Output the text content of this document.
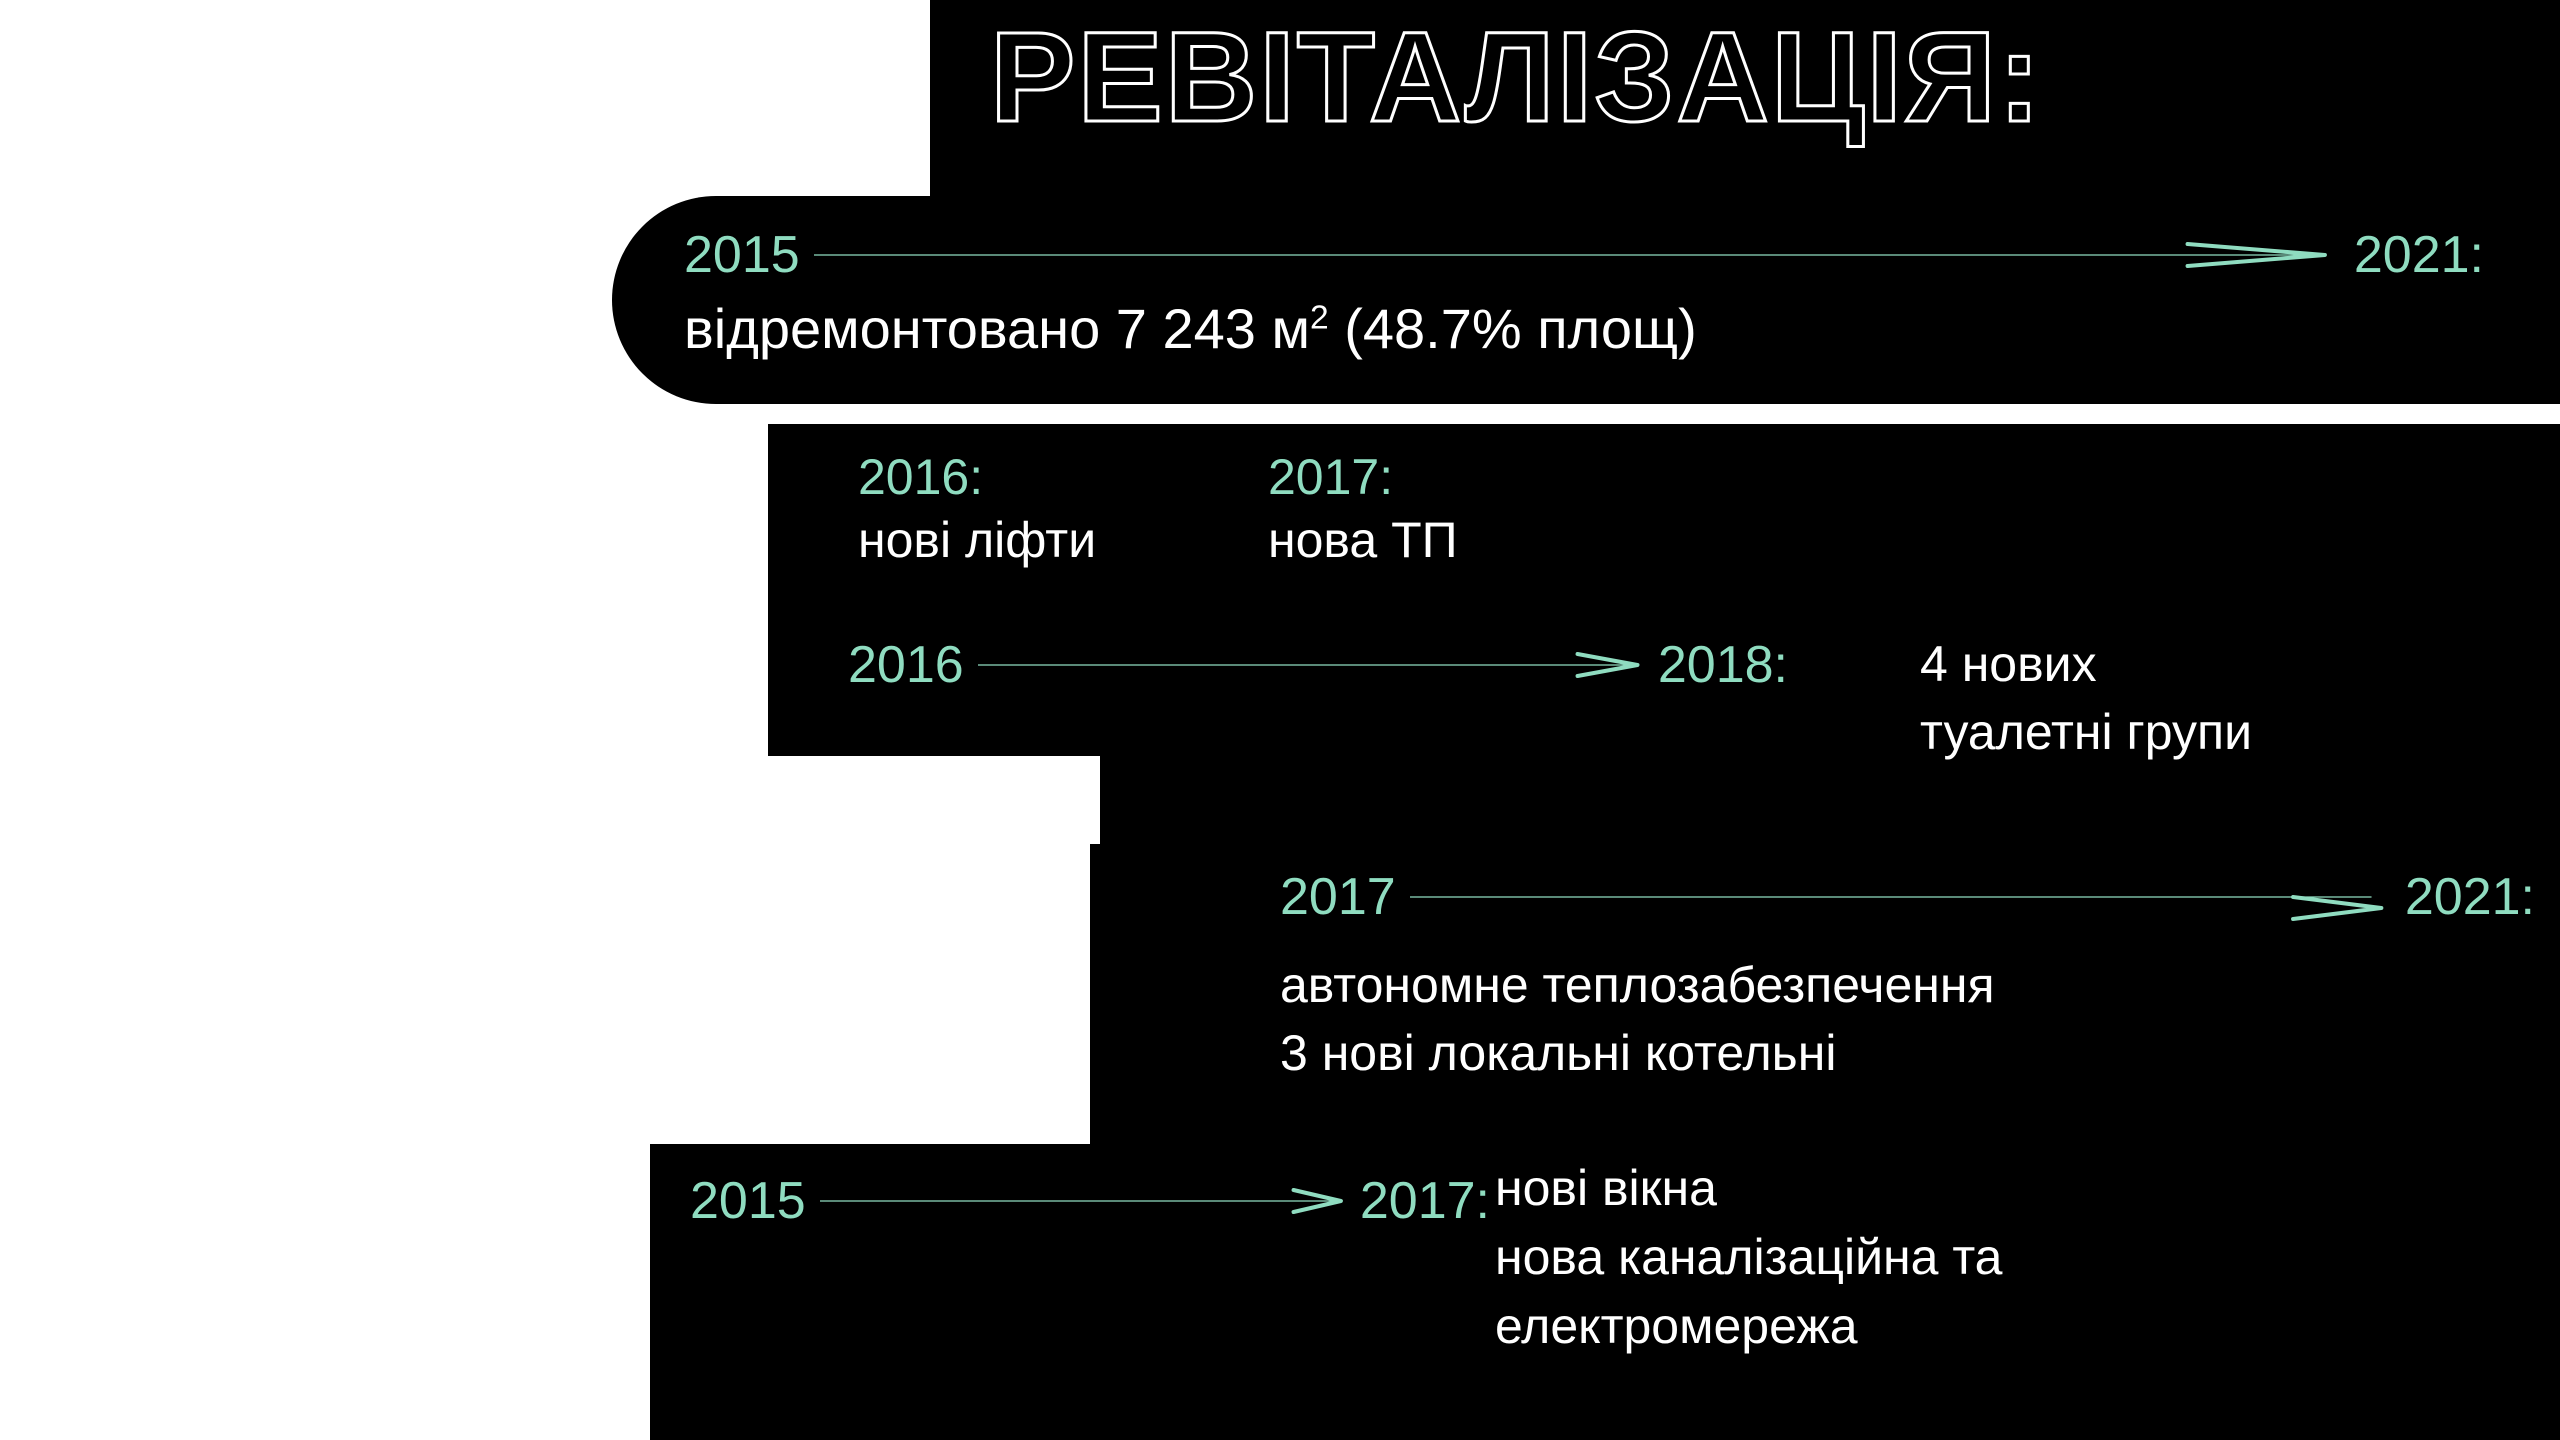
РЕВІТАЛІЗАЦІЯ:
2015	2021:
відремонтовано 7 243 $м^2$ (48.7% площ)
2016:
нові ліфти
2017:
нова ТП
2016	2018:	4 нових
туалетні групи
2017	2021:
автономне теплозабезпечення
3 нові локальні котельні
2015	2017: нові вікна
нова каналізаційна та
електромережа
